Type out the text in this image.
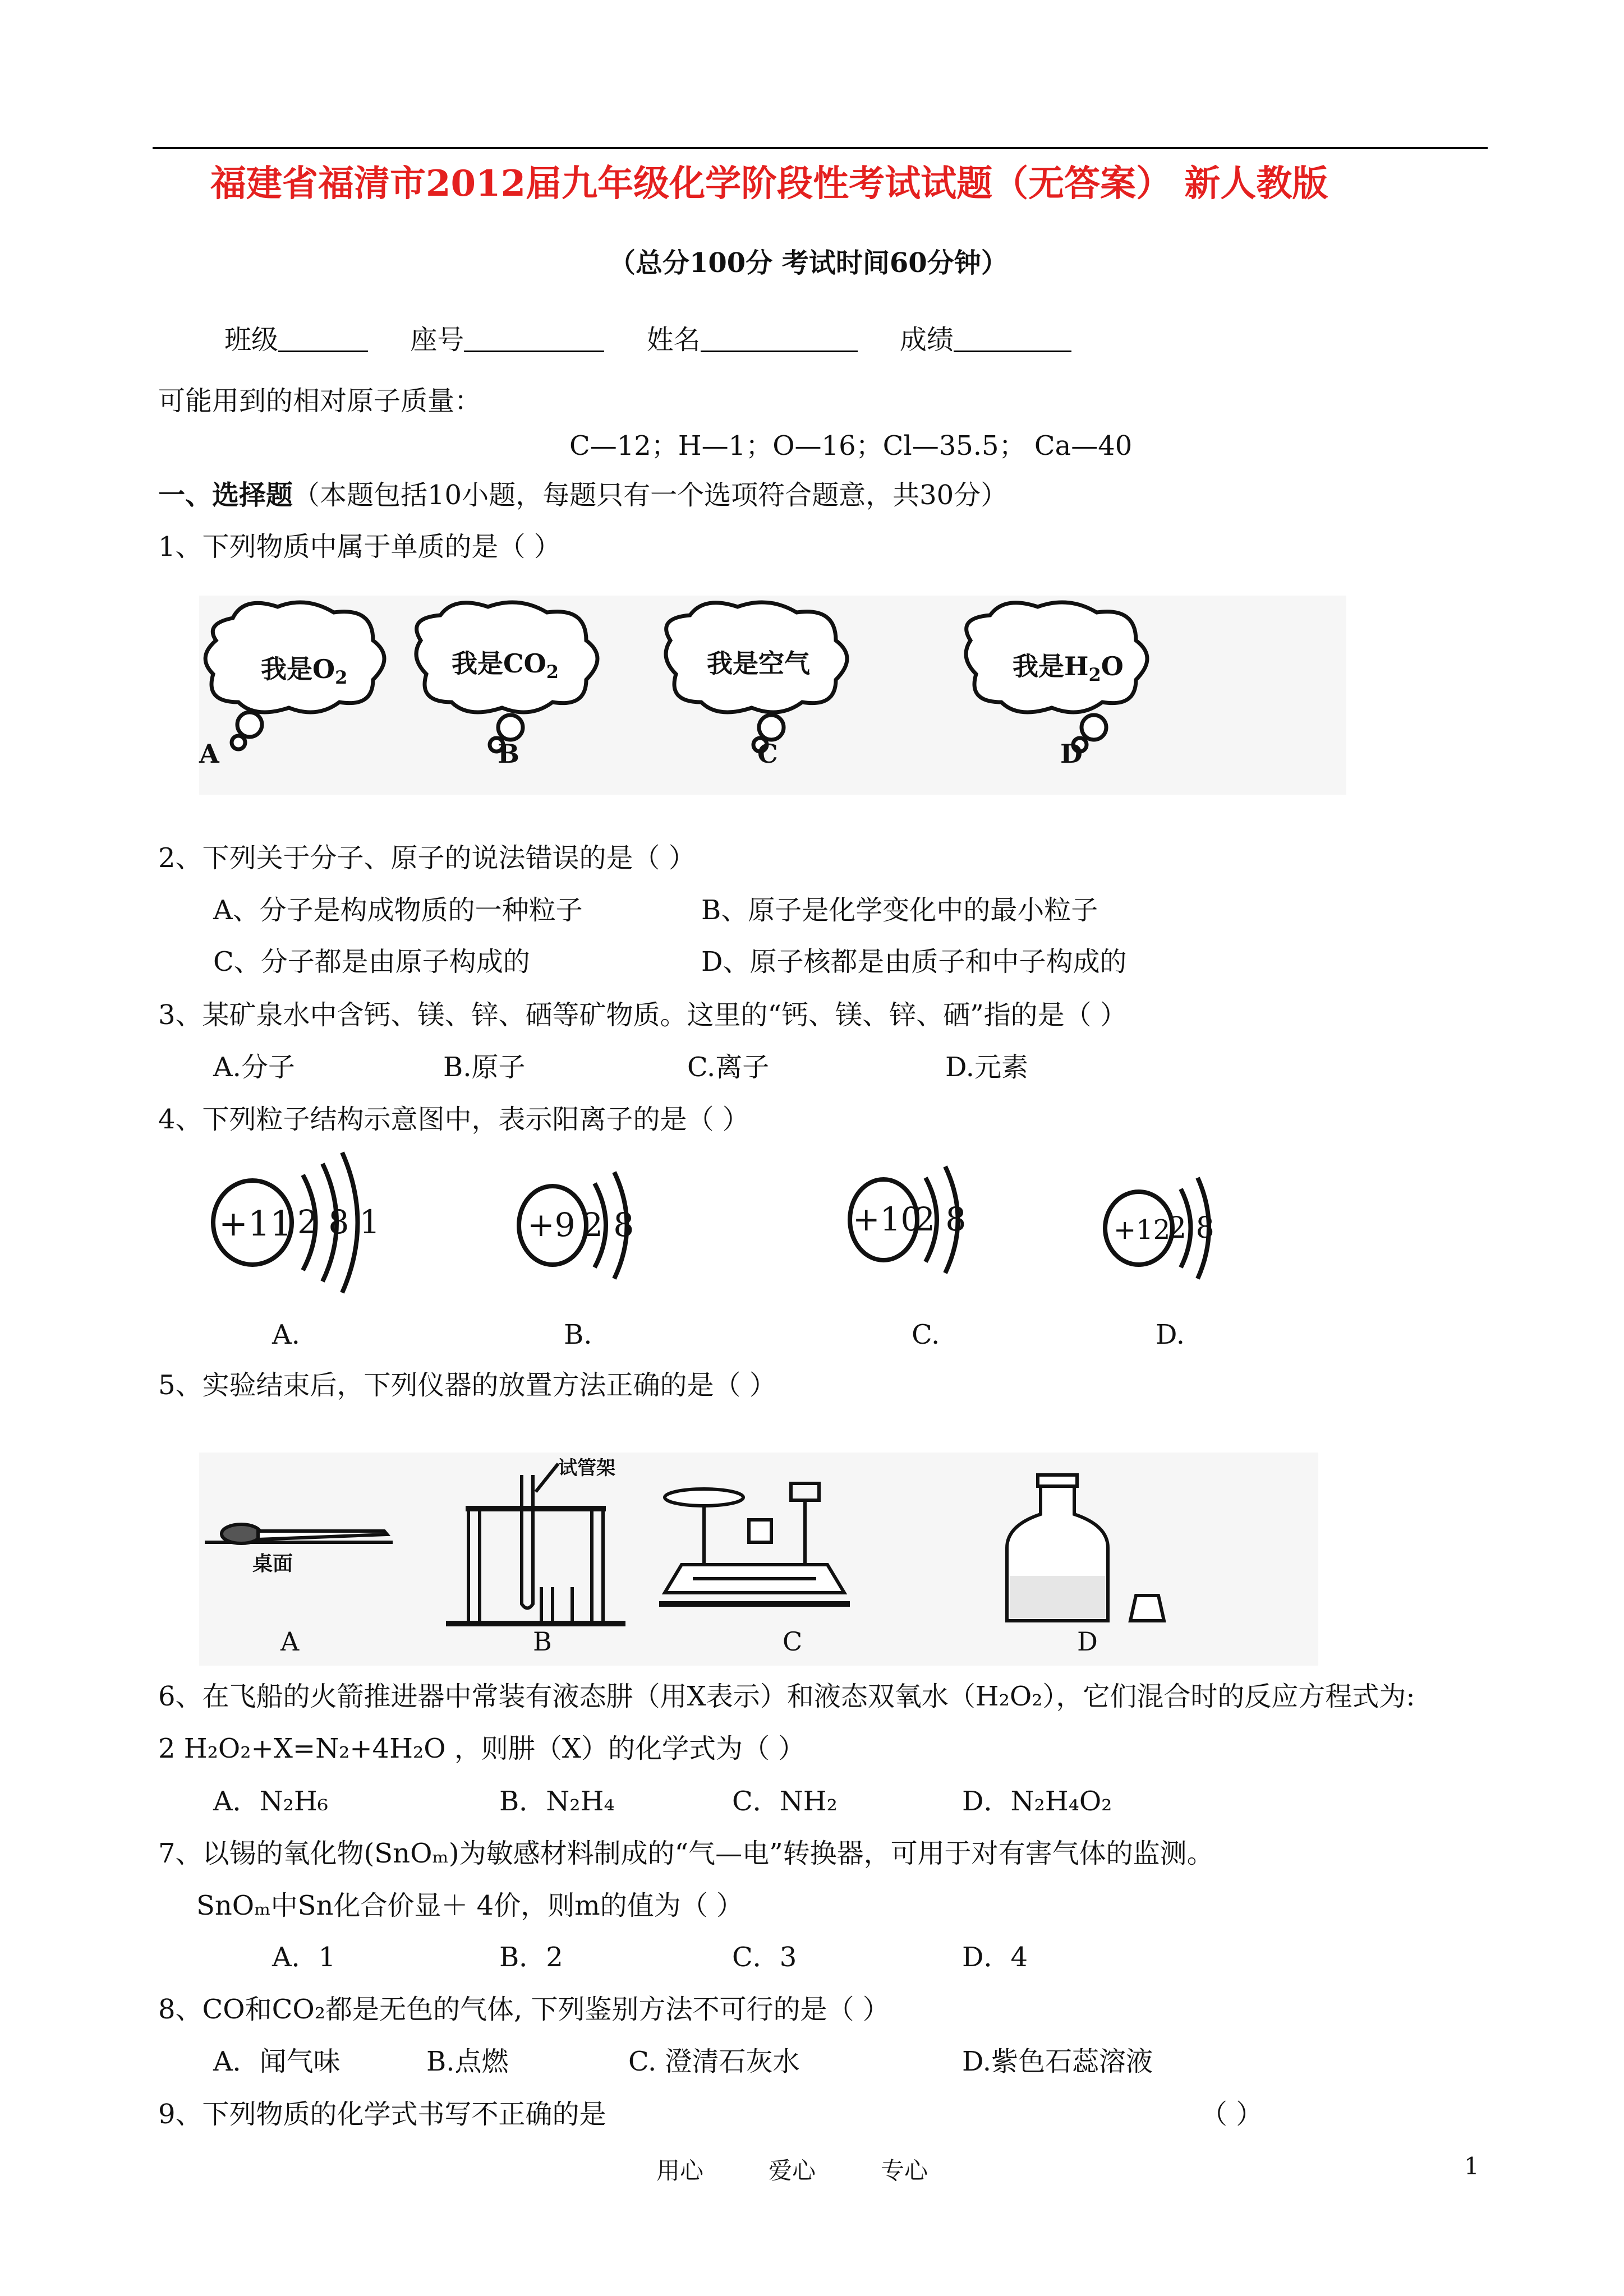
福建省福清市2012届九年级化学阶段性考试试题（无答案） 新人教版
（总分100分 考试时间60分钟）
班级	座号	姓名	成绩
可能用到的相对原子质量：
C—12；H—1；O—16；Cl—35.5； Ca—40
一、选择题（本题包括10小题，每题只有一个选项符合题意，共30分）
1、下列物质中属于单质的是（ ）
我是$O_2$	我是$CO_2$	我是空气	我是$H_2O$
A	B	C	D
2、下列关于分子、原子的说法错误的是（ ）
A、分子是构成物质的一种粒子	B、原子是化学变化中的最小粒子
C、分子都是由原子构成的	D、原子核都是由质子和中子构成的
3、某矿泉水中含钙、镁、锌、硒等矿物质。这里的“钙、镁、锌、硒”指的是（ ）
A.分子	B.原子	C.离子	D.元素
4、下列粒子结构示意图中，表示阳离子的是（ ）
+11 2 8 1	+9 2 8	+10
2 8	+12
2 8
A.	B.	C.	D.
5、实验结束后，下列仪器的放置方法正确的是（ ）
桌面
试管架
A	B	C	D
6、在飞船的火箭推进器中常装有液态肼（用X表示）和液态双氧水（H₂O₂），它们混合时的反应方程式为:
2 H₂O₂+X=N₂+4H₂O ，则肼（X）的化学式为（ ）
A．N₂H₆	B．N₂H₄	C．NH₂	D．N₂H₄O₂
7、以锡的氧化物(SnOₘ)为敏感材料制成的“气—电”转换器，可用于对有害气体的监测。
SnOₘ中Sn化合价显＋ 4价，则m的值为（ ）
A．1	B．2	C．3	D．4
8、CO和CO₂都是无色的气体, 下列鉴别方法不可行的是（ ）
A．闻气味	B.点燃	C. 澄清石灰水	D.紫色石蕊溶液
9、下列物质的化学式书写不正确的是	（ ）
用心	爱心	专心	1
